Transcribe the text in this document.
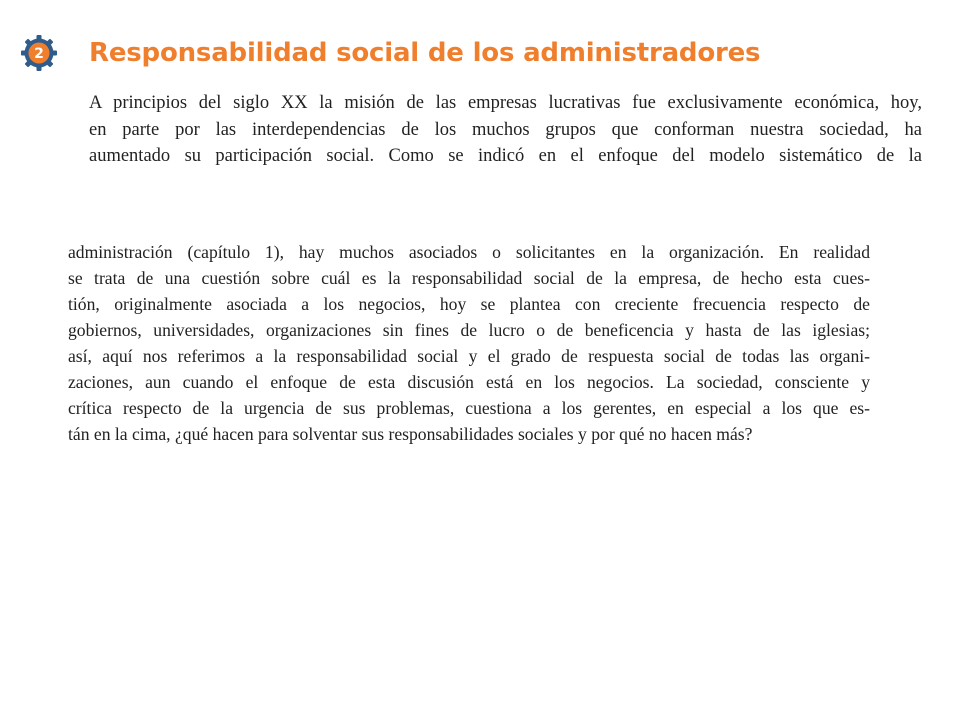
2 Responsabilidad social de los administradores

A principios del siglo XX la misión de las empresas lucrativas fue exclusivamente económica, hoy,
en parte por las interdependencias de los muchos grupos que conforman nuestra sociedad, ha
aumentado su participación social. Como se indicó en el enfoque del modelo sistemático de la

administración (capítulo 1), hay muchos asociados o solicitantes en la organización. En realidad
se trata de una cuestión sobre cuál es la responsabilidad social de la empresa, de hecho esta cues-
tión, originalmente asociada a los negocios, hoy se plantea con creciente frecuencia respecto de
gobiernos, universidades, organizaciones sin fines de lucro o de beneficencia y hasta de las iglesias;
así, aquí nos referimos a la responsabilidad social y el grado de respuesta social de todas las organi-
zaciones, aun cuando el enfoque de esta discusión está en los negocios. La sociedad, consciente y
crítica respecto de la urgencia de sus problemas, cuestiona a los gerentes, en especial a los que es-
tán en la cima, ¿qué hacen para solventar sus responsabilidades sociales y por qué no hacen más?
